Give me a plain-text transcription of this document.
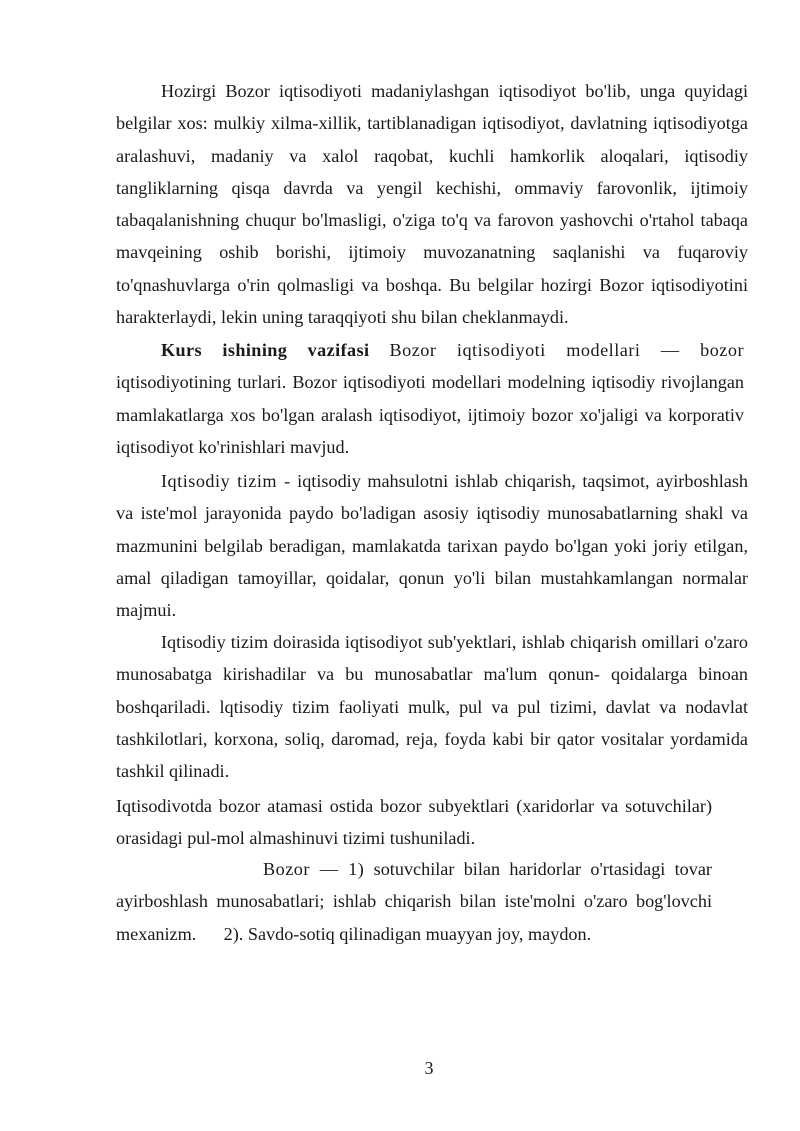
Hozirgi Bozor iqtisodiyoti madaniylashgan iqtisodiyot bo'lib, unga quyidagi belgilar xos: mulkiy xilma-xillik, tartiblanadigan iqtisodiyot, davlatning iqtisodiyotga aralashuvi, madaniy va xalol raqobat, kuchli hamkorlik aloqalari, iqtisodiy tangliklarning qisqa davrda va yengil kechishi, ommaviy farovonlik, ijtimoiy tabaqalanishning chuqur bo'lmasligi, o'ziga to'q va farovon yashovchi o'rtahol tabaqa mavqeining oshib borishi, ijtimoiy muvozanatning saqlanishi va fuqaroviy to'qnashuvlarga o'rin qolmasligi va boshqa. Bu belgilar hozirgi Bozor iqtisodiyotini harakterlaydi, lekin uning taraqqiyoti shu bilan cheklanmaydi.

Kurs ishining vazifasi Bozor iqtisodiyoti modellari — bozor iqtisodiyotining turlari. Bozor iqtisodiyoti modellari modelning iqtisodiy rivojlangan mamlakatlarga xos bo'lgan aralash iqtisodiyot, ijtimoiy bozor xo'jaligi va korporativ iqtisodiyot ko'rinishlari mavjud.

Iqtisodiy tizim - iqtisodiy mahsulotni ishlab chiqarish, taqsimot, ayirboshlash va iste'mol jarayonida paydo bo'ladigan asosiy iqtisodiy munosabatlarning shakl va mazmunini belgilab beradigan, mamlakatda tarixan paydo bo'lgan yoki joriy etilgan, amal qiladigan tamoyillar, qoidalar, qonun yo'li bilan mustahkamlangan normalar majmui.

Iqtisodiy tizim doirasida iqtisodiyot sub'yektlari, ishlab chiqarish omillari o'zaro munosabatga kirishadilar va bu munosabatlar ma'lum qonun- qoidalarga binoan boshqariladi. lqtisodiy tizim faoliyati mulk, pul va pul tizimi, davlat va nodavlat tashkilotlari, korxona, soliq, daromad, reja, foyda kabi bir qator vositalar yordamida tashkil qilinadi.

Iqtisodivotda bozor atamasi ostida bozor subyektlari (xaridorlar va sotuvchilar) orasidagi pul-mol almashinuvi tizimi tushuniladi.

Bozor — 1) sotuvchilar bilan haridorlar o'rtasidagi tovar ayirboshlash munosabatlari; ishlab chiqarish bilan iste'molni o'zaro bog'lovchi mexanizm. 2). Savdo-sotiq qilinadigan muayyan joy, maydon.

3
